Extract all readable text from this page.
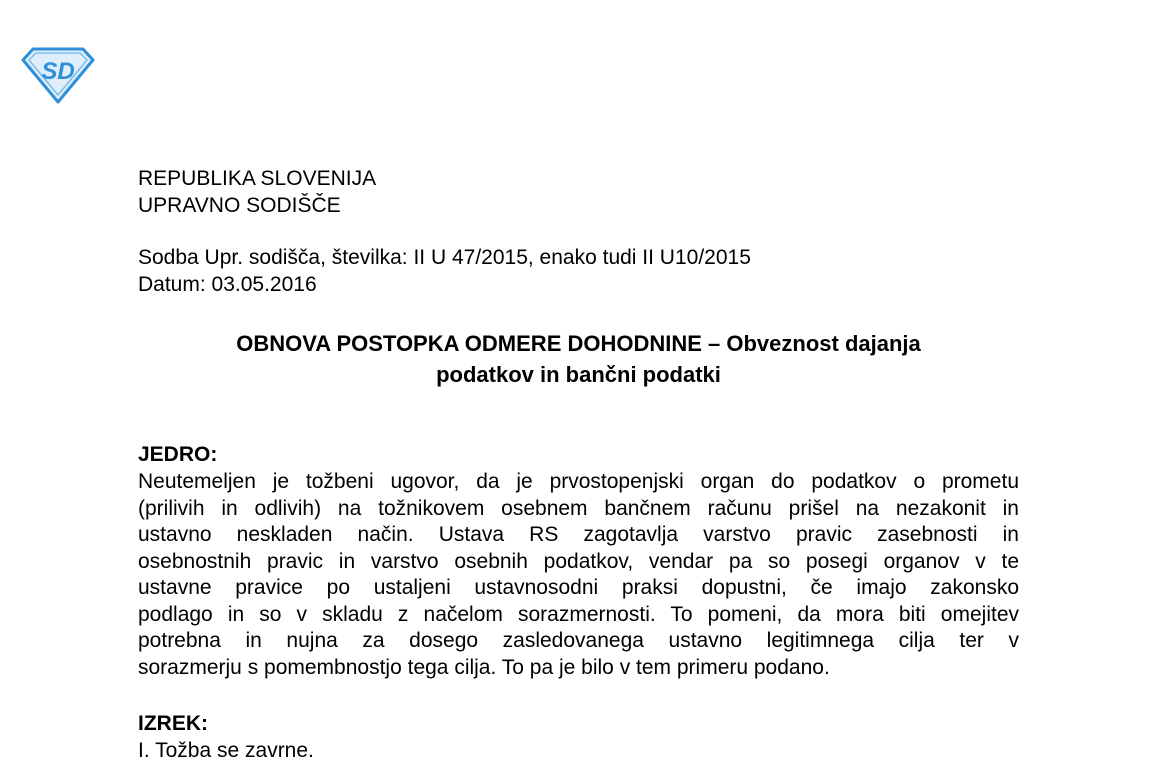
SD
REPUBLIKA SLOVENIJA
UPRAVNO SODIŠČE
Sodba Upr. sodišča, številka: II U 47/2015, enako tudi II U10/2015
Datum: 03.05.2016
OBNOVA POSTOPKA ODMERE DOHODNINE – Obveznost dajanja
podatkov in bančni podatki
JEDRO:
Neutemeljen je tožbeni ugovor, da je prvostopenjski organ do podatkov o prometu
(prilivih in odlivih) na tožnikovem osebnem bančnem računu prišel na nezakonit in
ustavno neskladen način. Ustava RS zagotavlja varstvo pravic zasebnosti in
osebnostnih pravic in varstvo osebnih podatkov, vendar pa so posegi organov v te
ustavne pravice po ustaljeni ustavnosodni praksi dopustni, če imajo zakonsko
podlago in so v skladu z načelom sorazmernosti. To pomeni, da mora biti omejitev
potrebna in nujna za dosego zasledovanega ustavno legitimnega cilja ter v
sorazmerju s pomembnostjo tega cilja. To pa je bilo v tem primeru podano.
IZREK:
I. Tožba se zavrne.
